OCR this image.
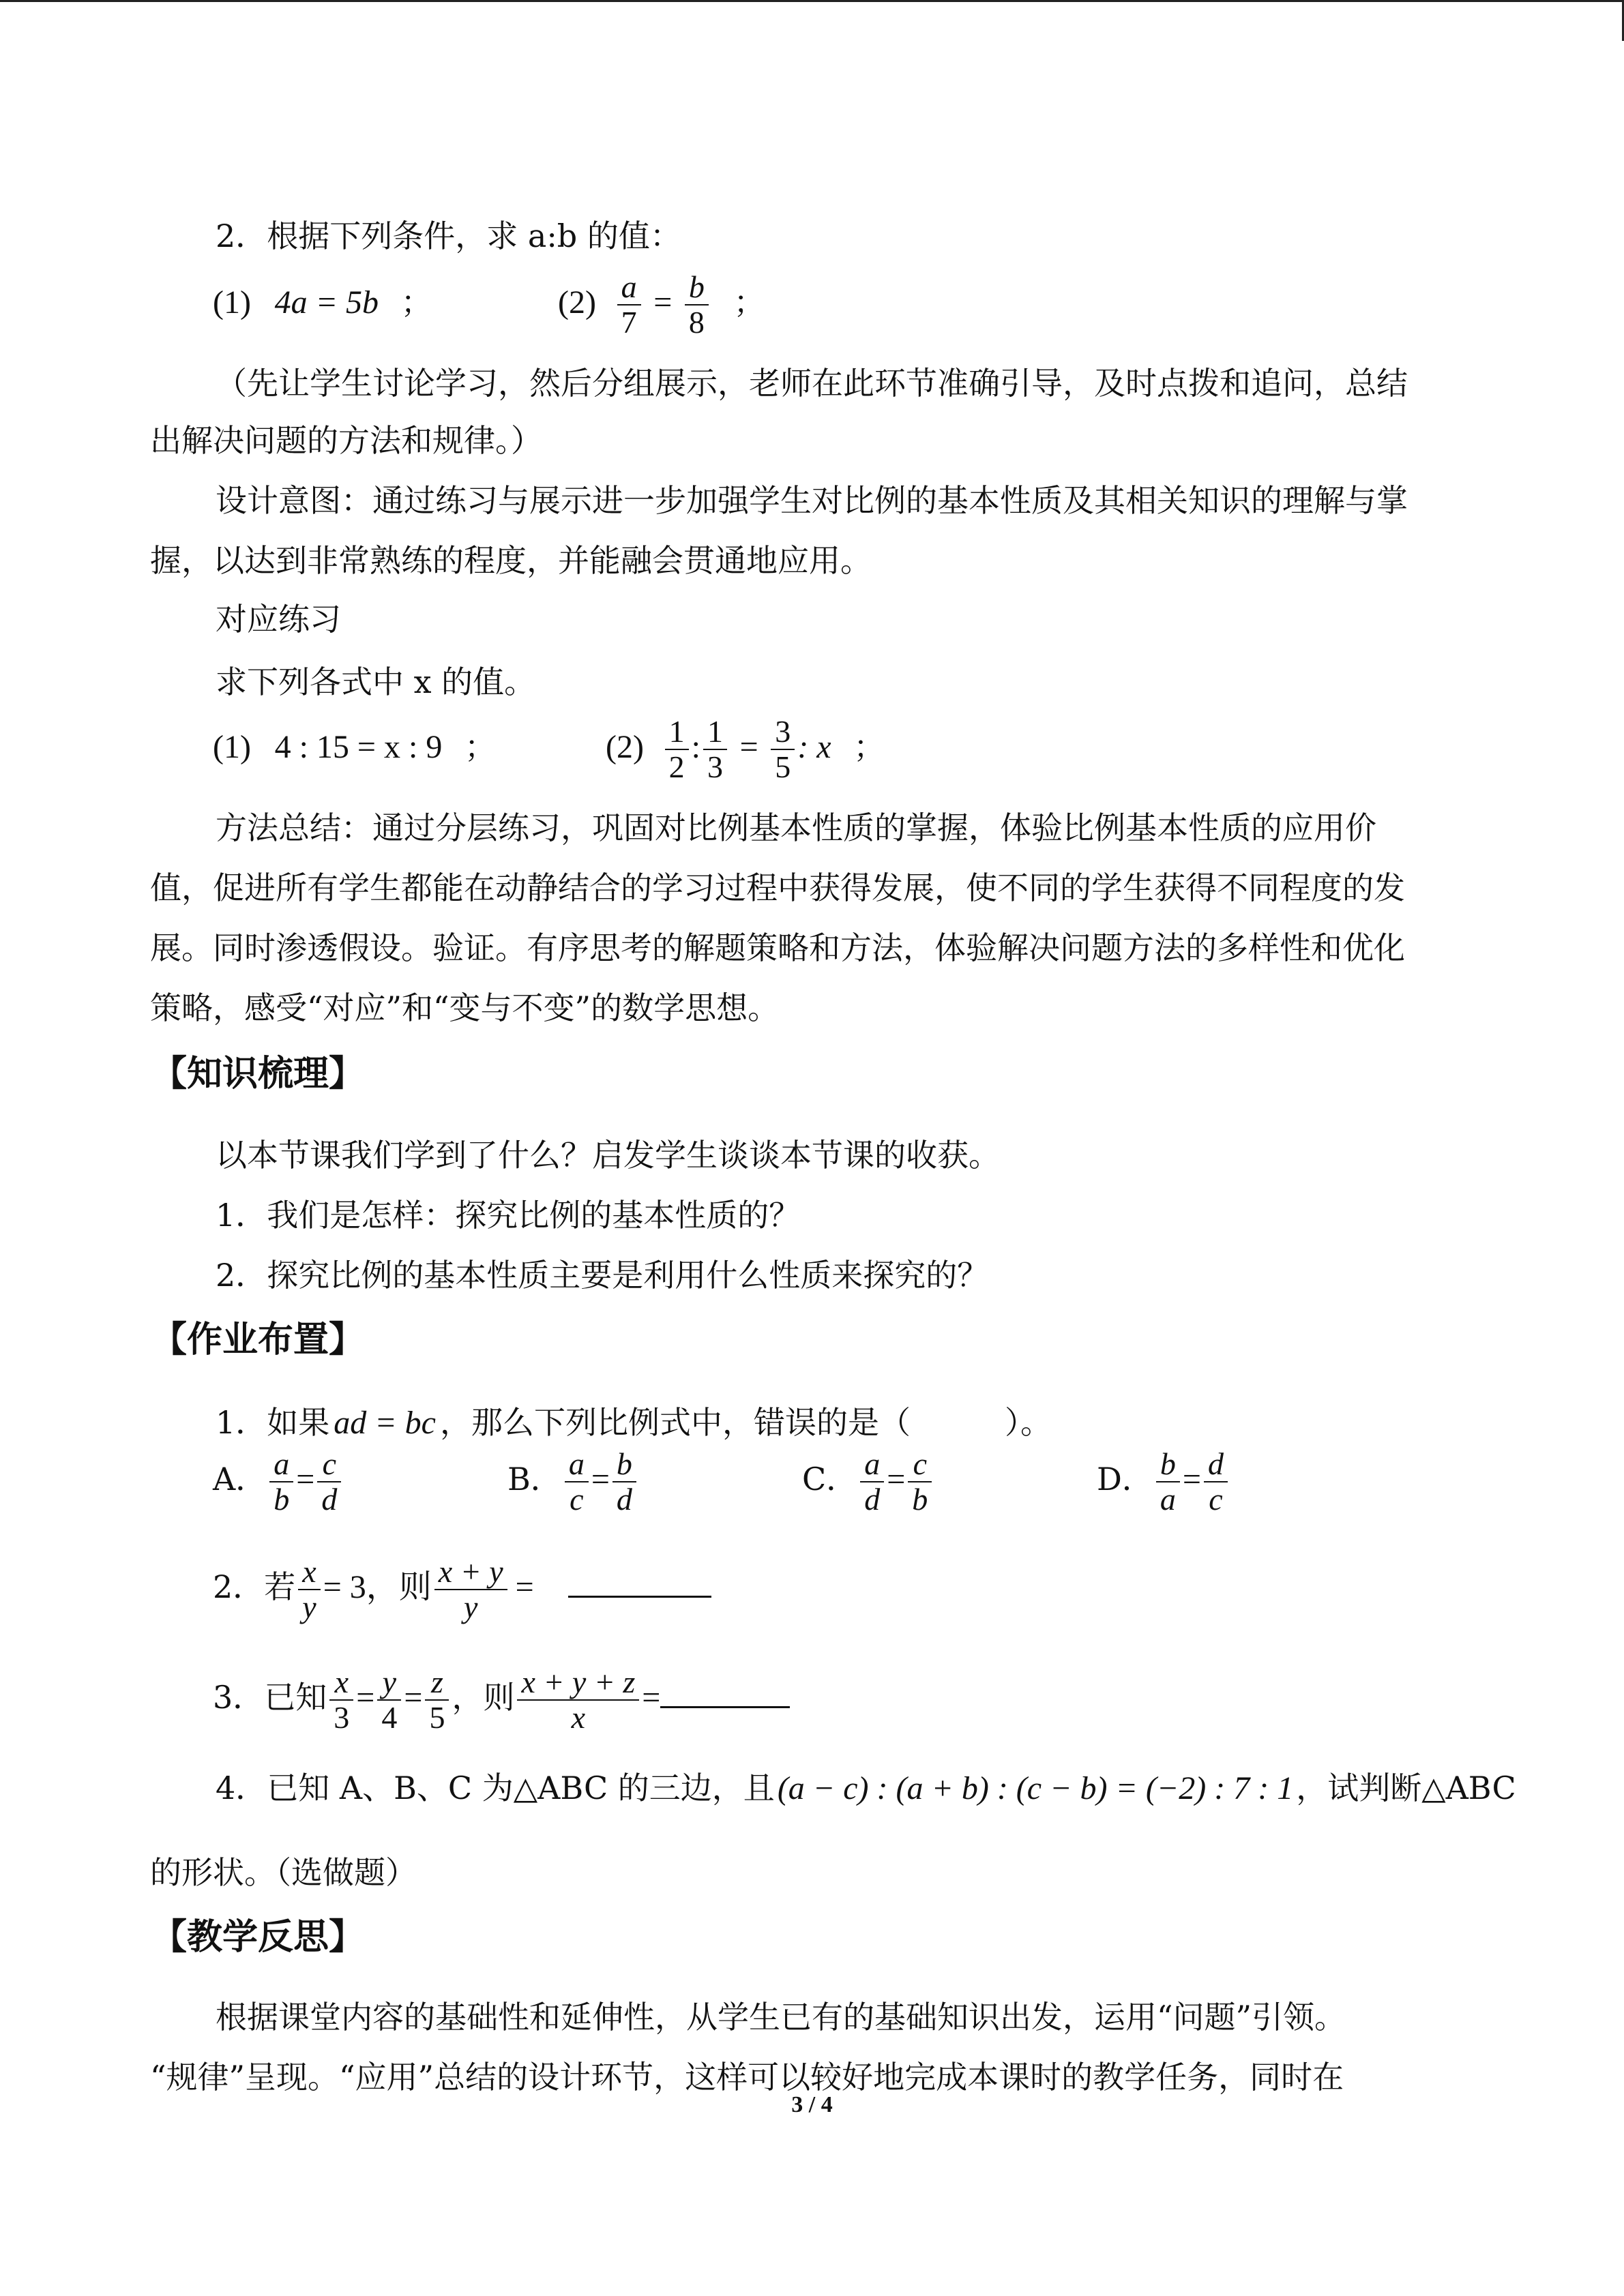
2．根据下列条件，求 a:b 的值：
(1) 4a = 5b ；	$(2) \frac{a}{7} = \frac{b}{8}$ ；
（先让学生讨论学习，然后分组展示，老师在此环节准确引导，及时点拨和追问，总结
出解决问题的方法和规律。）
设计意图：通过练习与展示进一步加强学生对比例的基本性质及其相关知识的理解与掌
握，以达到非常熟练的程度，并能融会贯通地应用。
对应练习
求下列各式中 x 的值。
(1) 4 : 15 = x : 9 ；	$(2) \frac{1}{2}$ : $\frac{1}{3} = \frac{3}{5}$ : x ；
方法总结：通过分层练习，巩固对比例基本性质的掌握，体验比例基本性质的应用价
值，促进所有学生都能在动静结合的学习过程中获得发展，使不同的学生获得不同程度的发
展。同时渗透假设。验证。有序思考的解题策略和方法，体验解决问题方法的多样性和优化
策略，感受“对应”和“变与不变”的数学思想。
【知识梳理】
以本节课我们学到了什么？启发学生谈谈本节课的收获。
1．我们是怎样：探究比例的基本性质的？
2．探究比例的基本性质主要是利用什么性质来探究的？
【作业布置】
1．如果 ad = bc ，那么下列比例式中，错误的是（　　　）。
A． $\frac{a}{b} = \frac{c}{d}$	B． $\frac{a}{c} = \frac{b}{d}$	C． $\frac{a}{d} = \frac{c}{b}$	D． $\frac{b}{a} = \frac{d}{c}$
2．若 $\frac{x}{y} = 3$，则 $\frac{x + y}{y}$ =
3．已知 $\frac{x}{3} = \frac{y}{4} = \frac{z}{5}$ ，则 $\frac{x + y + z}{x}$ =
4．已知 A、B、C 为△ABC 的三边，且(a − c) : (a + b) : (c − b) = (−2) : 7 : 1，试判断△ABC
的形状。（选做题）
【教学反思】
根据课堂内容的基础性和延伸性，从学生已有的基础知识出发，运用“问题”引领。
“规律”呈现。“应用”总结的设计环节，这样可以较好地完成本课时的教学任务，同时在
3 / 4
